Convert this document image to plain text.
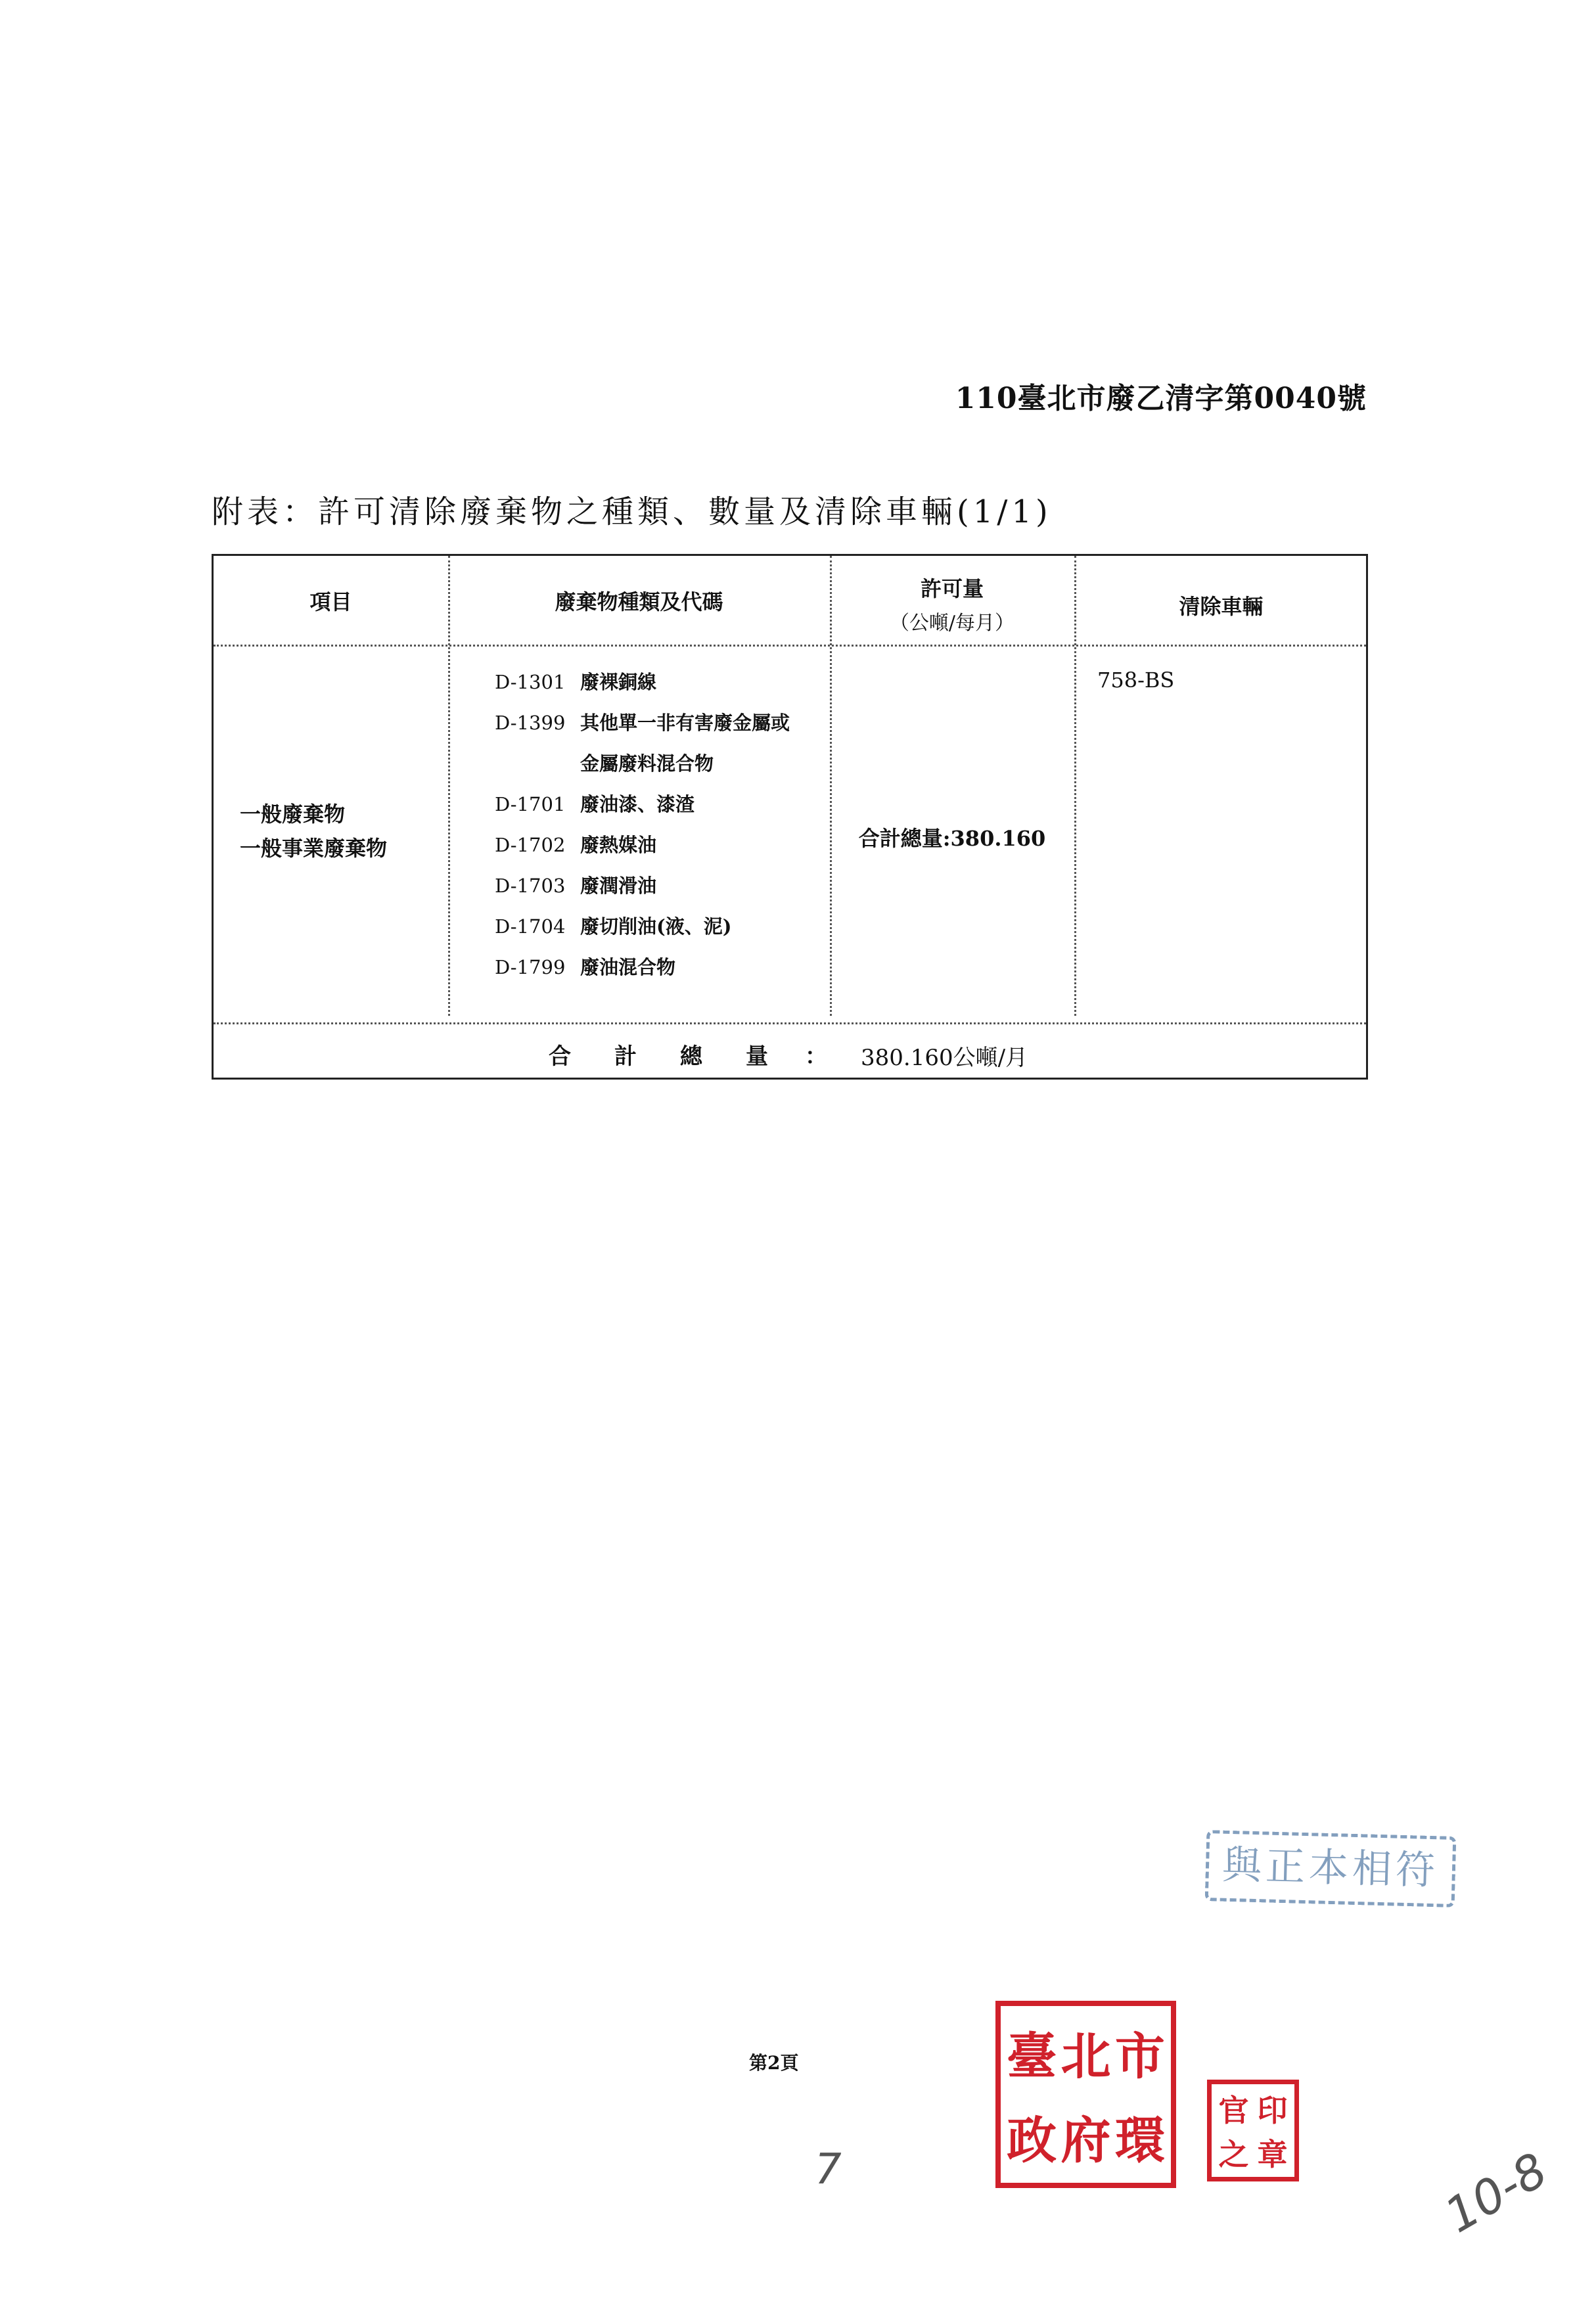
110臺北市廢乙清字第0040號
附表：許可清除廢棄物之種類、數量及清除車輛(1/1)
項目	廢棄物種類及代碼
許可量
（公噸/每月）
清除車輛
一般廢棄物
一般事業廢棄物
D-1301 廢裸銅線
D-1399 其他單一非有害廢金屬或
金屬廢料混合物
D-1701 廢油漆、漆渣
D-1702 廢熱媒油
D-1703 廢潤滑油
D-1704 廢切削油(液、泥)
D-1799 廢油混合物
合計總量:380.160
758-BS
合 計 總 量 ： 380.160公噸/月
第2頁
與正本相符
臺 北 市
政 府 環
官 印
之 章
7	10-8
